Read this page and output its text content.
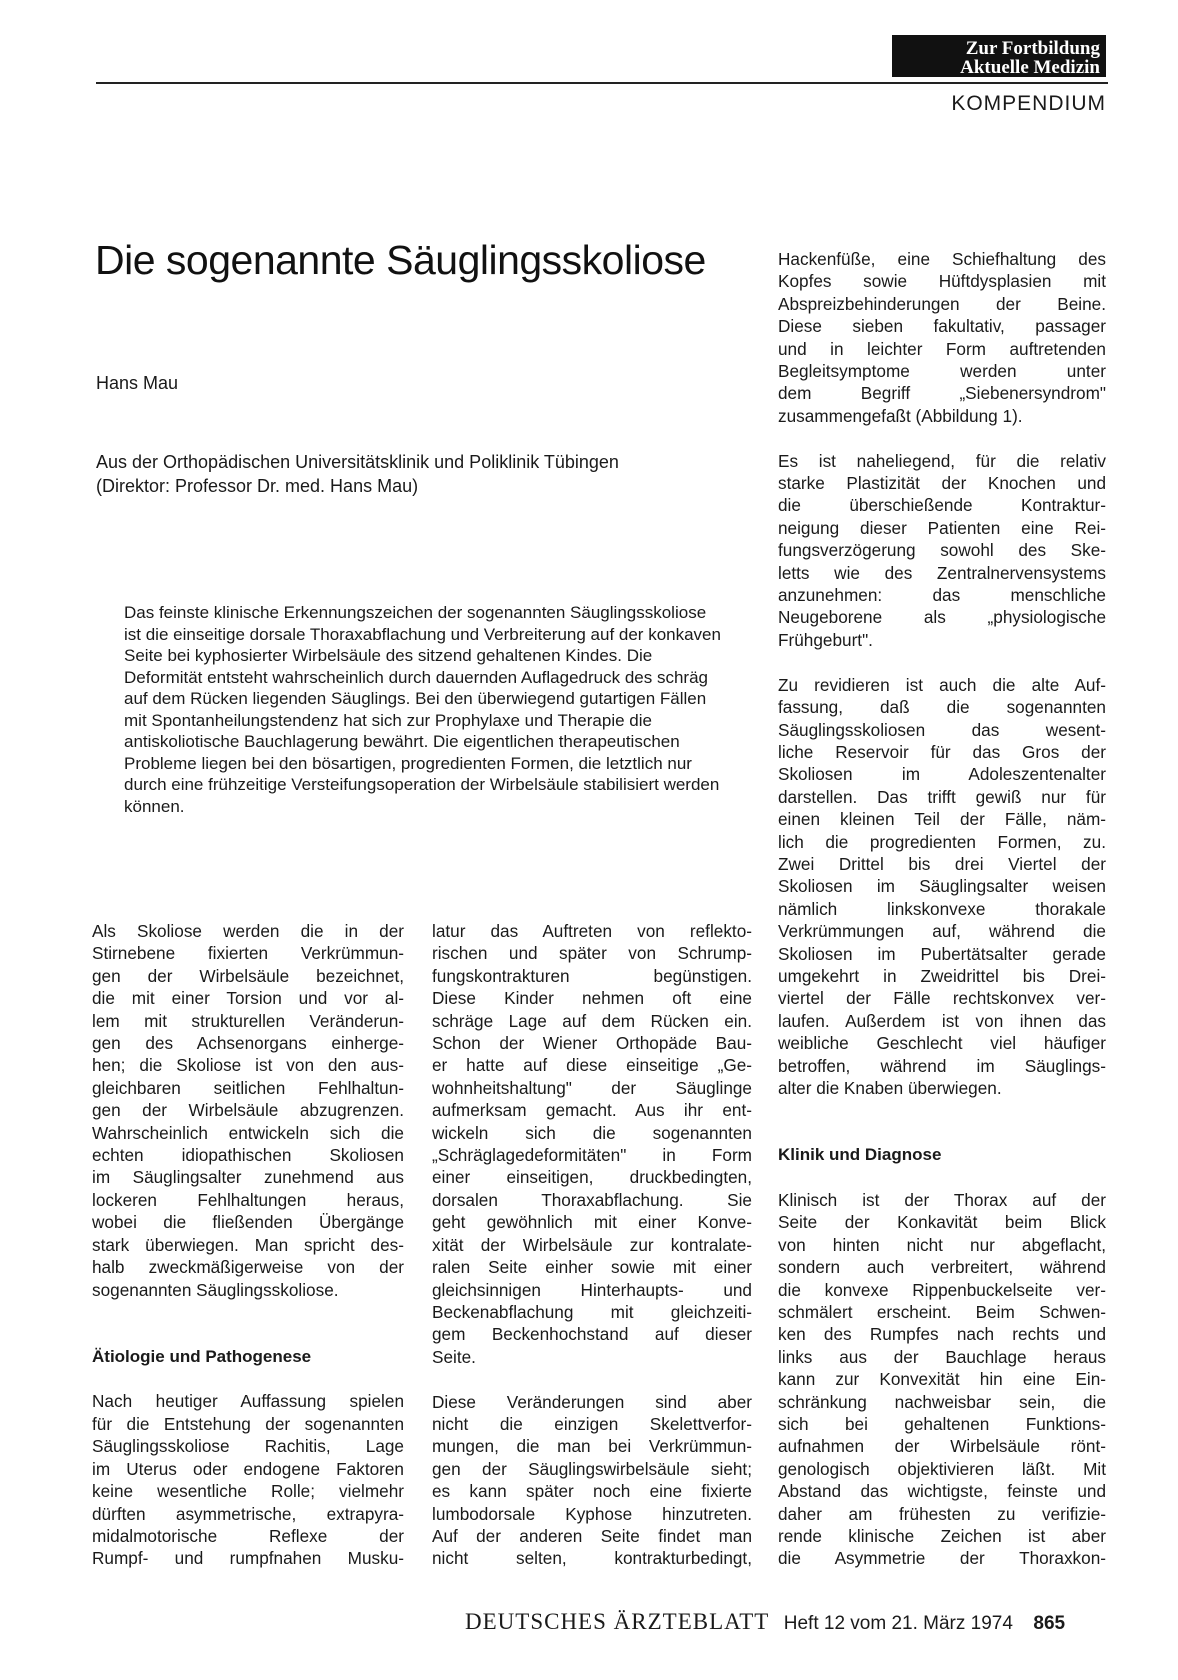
Zur Fortbildung
Aktuelle Medizin
KOMPENDIUM
Die sogenannte Säuglingsskoliose
Hans Mau
Aus der Orthopädischen Universitätsklinik und Poliklinik Tübingen
(Direktor: Professor Dr. med. Hans Mau)
Das feinste klinische Erkennungszeichen der sogenannten Säuglingsskoliose ist die einseitige dorsale Thoraxabflachung und Verbreiterung auf der konkaven Seite bei kyphosierter Wirbelsäule des sitzend gehaltenen Kindes. Die Deformität entsteht wahrscheinlich durch dauernden Auflagedruck des schräg auf dem Rücken liegenden Säuglings. Bei den überwiegend gutartigen Fällen mit Spontanheilungstendenz hat sich zur Prophylaxe und Therapie die antiskoliotische Bauchlagerung bewährt. Die eigentlichen therapeutischen Probleme liegen bei den bösartigen, progredienten Formen, die letztlich nur durch eine frühzeitige Versteifungsoperation der Wirbelsäule stabilisiert werden können.
Als Skoliose werden die in der
Stirnebene fixierten Verkrümmun-
gen der Wirbelsäule bezeichnet,
die mit einer Torsion und vor al-
lem mit strukturellen Veränderun-
gen des Achsenorgans einherge-
hen; die Skoliose ist von den aus-
gleichbaren seitlichen Fehlhaltun-
gen der Wirbelsäule abzugrenzen.
Wahrscheinlich entwickeln sich die
echten idiopathischen Skoliosen
im Säuglingsalter zunehmend aus
lockeren Fehlhaltungen heraus,
wobei die fließenden Übergänge
stark überwiegen. Man spricht des-
halb zweckmäßigerweise von der
sogenannten Säuglingsskoliose.
Ätiologie und Pathogenese
Nach heutiger Auffassung spielen
für die Entstehung der sogenannten
Säuglingsskoliose Rachitis, Lage
im Uterus oder endogene Faktoren
keine wesentliche Rolle; vielmehr
dürften asymmetrische, extrapyra-
midalmotorische Reflexe der
Rumpf- und rumpfnahen Musku-
latur das Auftreten von reflekto-
rischen und später von Schrump-
fungskontrakturen begünstigen.
Diese Kinder nehmen oft eine
schräge Lage auf dem Rücken ein.
Schon der Wiener Orthopäde Bau-
er hatte auf diese einseitige „Ge-
wohnheitshaltung" der Säuglinge
aufmerksam gemacht. Aus ihr ent-
wickeln sich die sogenannten
„Schräglagedeformitäten" in Form
einer einseitigen, druckbedingten,
dorsalen Thoraxabflachung. Sie
geht gewöhnlich mit einer Konve-
xität der Wirbelsäule zur kontralate-
ralen Seite einher sowie mit einer
gleichsinnigen Hinterhaupts- und
Beckenabflachung mit gleichzeiti-
gem Beckenhochstand auf dieser
Seite.
Diese Veränderungen sind aber
nicht die einzigen Skelettverfor-
mungen, die man bei Verkrümmun-
gen der Säuglingswirbelsäule sieht;
es kann später noch eine fixierte
lumbodorsale Kyphose hinzutreten.
Auf der anderen Seite findet man
nicht selten, kontrakturbedingt,
Hackenfüße, eine Schiefhaltung des
Kopfes sowie Hüftdysplasien mit
Abspreizbehinderungen der Beine.
Diese sieben fakultativ, passager
und in leichter Form auftretenden
Begleitsymptome werden unter
dem Begriff „Siebenersyndrom"
zusammengefaßt (Abbildung 1).
Es ist naheliegend, für die relativ
starke Plastizität der Knochen und
die überschießende Kontraktur-
neigung dieser Patienten eine Rei-
fungsverzögerung sowohl des Ske-
letts wie des Zentralnervensystems
anzunehmen: das menschliche
Neugeborene als „physiologische
Frühgeburt".
Zu revidieren ist auch die alte Auf-
fassung, daß die sogenannten
Säuglingsskoliosen das wesent-
liche Reservoir für das Gros der
Skoliosen im Adoleszentenalter
darstellen. Das trifft gewiß nur für
einen kleinen Teil der Fälle, näm-
lich die progredienten Formen, zu.
Zwei Drittel bis drei Viertel der
Skoliosen im Säuglingsalter weisen
nämlich linkskonvexe thorakale
Verkrümmungen auf, während die
Skoliosen im Pubertätsalter gerade
umgekehrt in Zweidrittel bis Drei-
viertel der Fälle rechtskonvex ver-
laufen. Außerdem ist von ihnen das
weibliche Geschlecht viel häufiger
betroffen, während im Säuglings-
alter die Knaben überwiegen.
Klinik und Diagnose
Klinisch ist der Thorax auf der
Seite der Konkavität beim Blick
von hinten nicht nur abgeflacht,
sondern auch verbreitert, während
die konvexe Rippenbuckelseite ver-
schmälert erscheint. Beim Schwen-
ken des Rumpfes nach rechts und
links aus der Bauchlage heraus
kann zur Konvexität hin eine Ein-
schränkung nachweisbar sein, die
sich bei gehaltenen Funktions-
aufnahmen der Wirbelsäule rönt-
genologisch objektivieren läßt. Mit
Abstand das wichtigste, feinste und
daher am frühesten zu verifizie-
rende klinische Zeichen ist aber
die Asymmetrie der Thoraxkon-
DEUTSCHES ÄRZTEBLATT Heft 12 vom 21. März 1974 865
